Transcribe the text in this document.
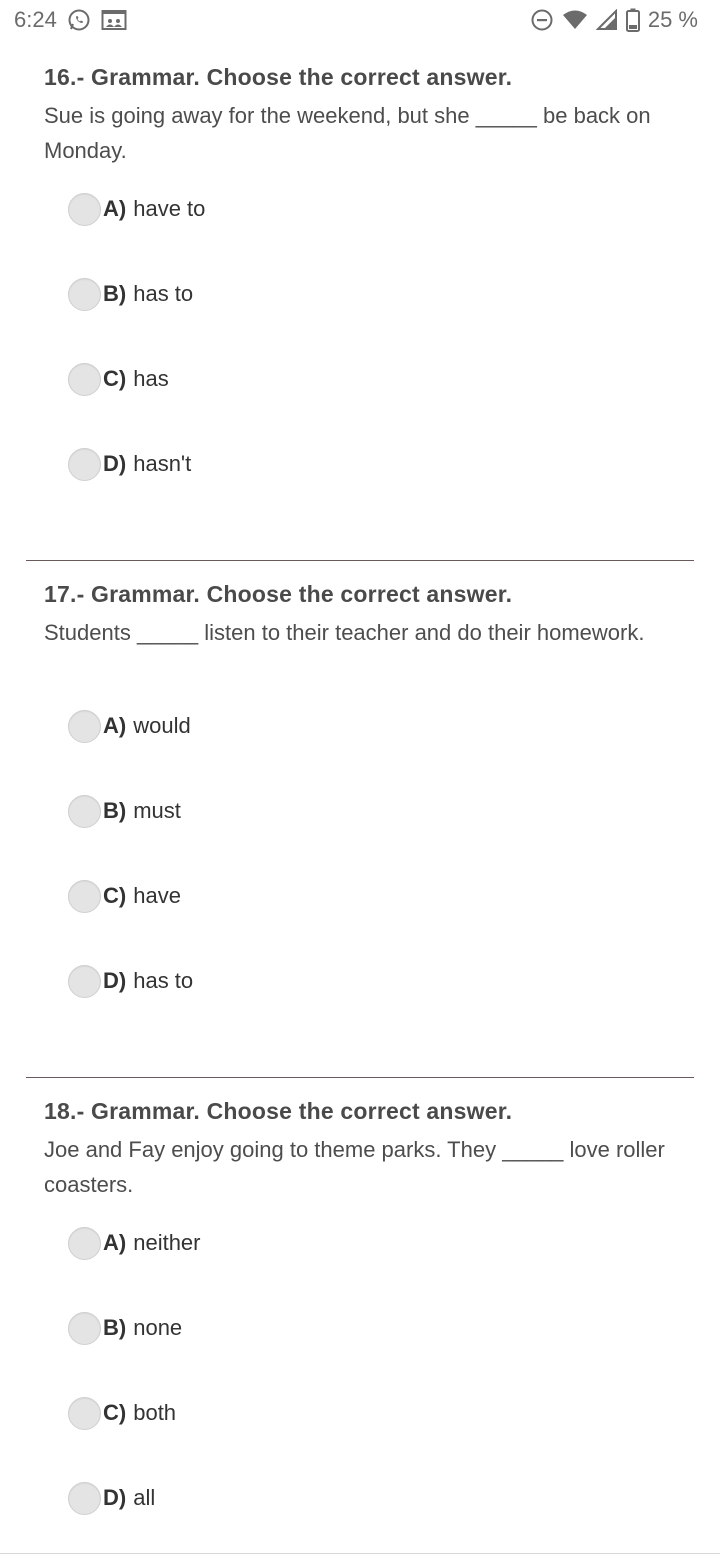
6:24	25 %
16.- Grammar. Choose the correct answer.
Sue is going away for the weekend, but she _____ be back on Monday.
A) have to
B) has to
C) has
D) hasn't
17.- Grammar. Choose the correct answer.
Students _____ listen to their teacher and do their homework.
A) would
B) must
C) have
D) has to
18.- Grammar. Choose the correct answer.
Joe and Fay enjoy going to theme parks. They _____ love roller coasters.
A) neither
B) none
C) both
D) all
